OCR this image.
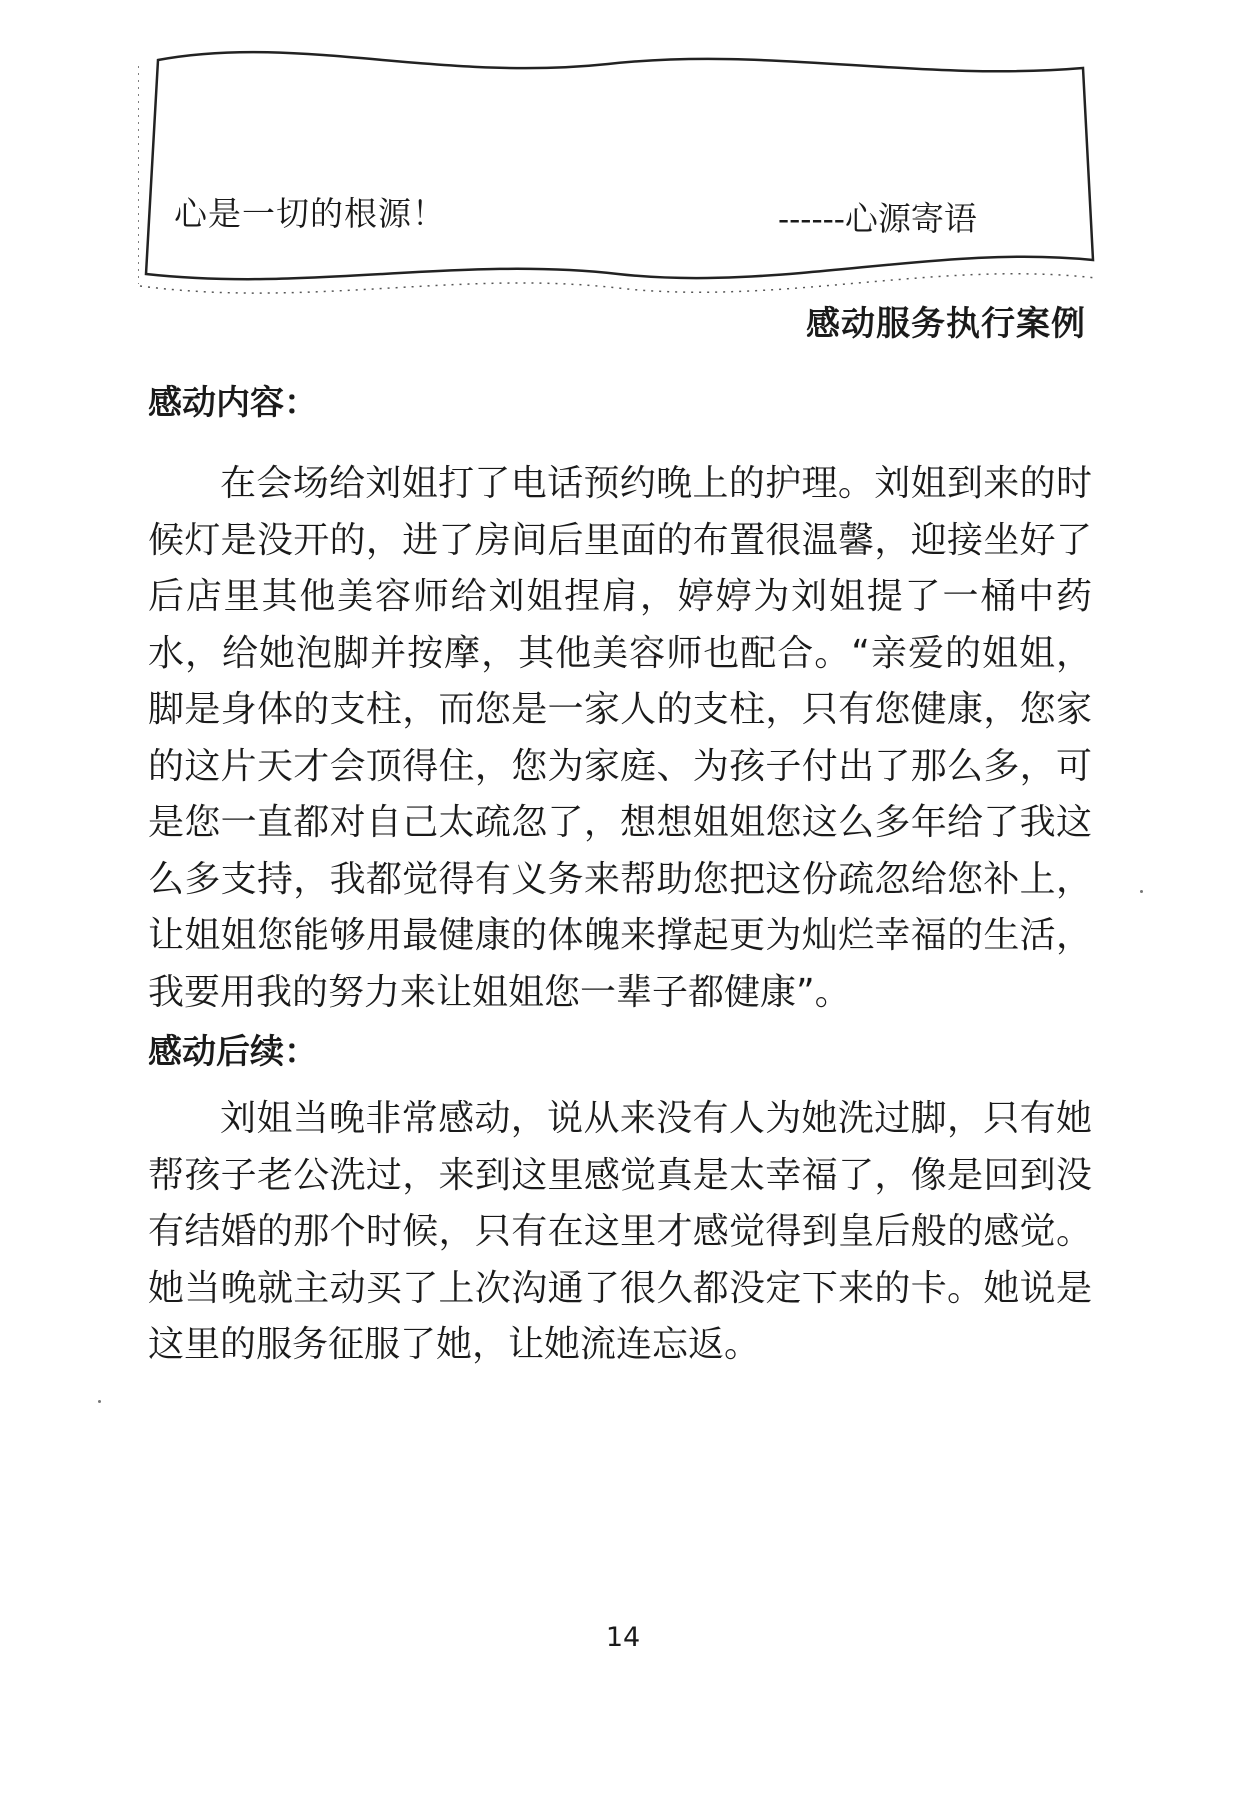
心是一切的根源！	------心源寄语
感动服务执行案例
感动内容：

在会场给刘姐打了电话预约晚上的护理。刘姐到来的时候灯是没开的，进了房间后里面的布置很温馨，迎接坐好了后店里其他美容师给刘姐捏肩，婷婷为刘姐提了一桶中药水，给她泡脚并按摩，其他美容师也配合。“亲爱的姐姐，脚是身体的支柱，而您是一家人的支柱，只有您健康，您家的这片天才会顶得住，您为家庭、为孩子付出了那么多，可是您一直都对自己太疏忽了，想想姐姐您这么多年给了我这么多支持，我都觉得有义务来帮助您把这份疏忽给您补上，让姐姐您能够用最健康的体魄来撑起更为灿烂幸福的生活，我要用我的努力来让姐姐您一辈子都健康”。

感动后续：

刘姐当晚非常感动，说从来没有人为她洗过脚，只有她帮孩子老公洗过，来到这里感觉真是太幸福了，像是回到没有结婚的那个时候，只有在这里才感觉得到皇后般的感觉。她当晚就主动买了上次沟通了很久都没定下来的卡。她说是这里的服务征服了她，让她流连忘返。

14
